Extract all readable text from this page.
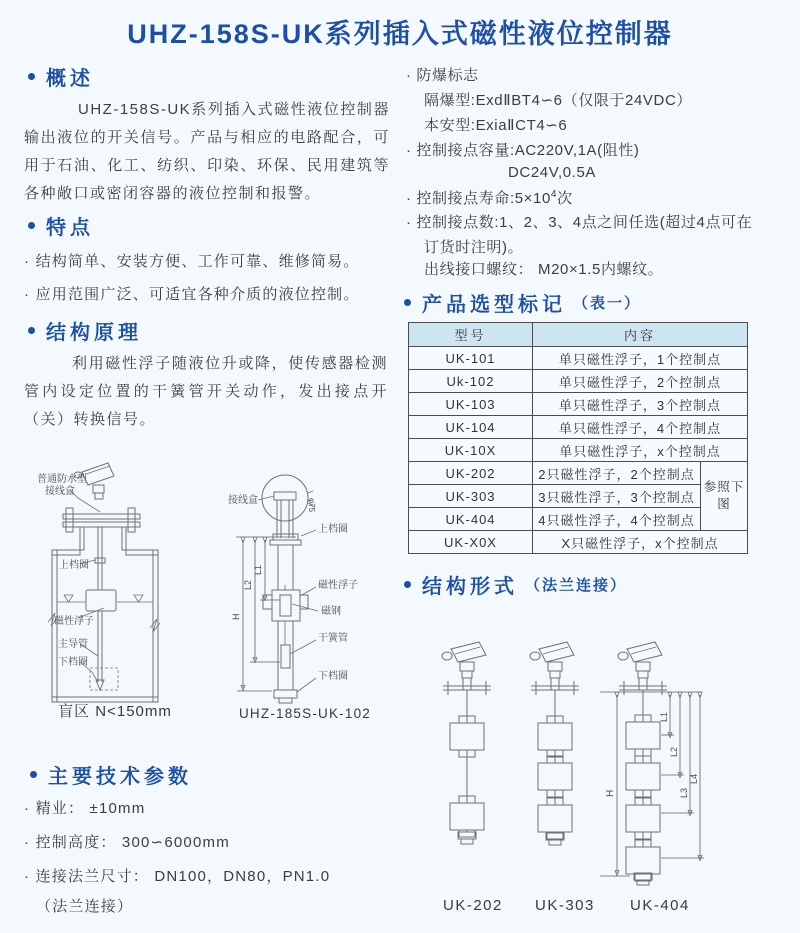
UHZ-158S-UK系列插入式磁性液位控制器
概述
UHZ-158S-UK系列插入式磁性液位控制器输出液位的开关信号。产品与相应的电路配合，可用于石油、化工、纺织、印染、环保、民用建筑等各种敞口或密闭容器的液位控制和报警。
特点
· 结构简单、安装方便、工作可靠、维修简易。
· 应用范围广泛、可适宜各种介质的液位控制。
结构原理
利用磁性浮子随液位升或降，使传感器检测管内设定位置的干簧管开关动作，发出接点开（关）转换信号。
普通防水型
接线盒
上档圈
磁性浮子
主导管
下档圈
盲区 N<150mm
接线盒	φ75
上档圈
磁性浮子
磁钢
干簧管
下档圈
H
L2
L1
UHZ-185S-UK-102
主要技术参数
· 精业： ±10mm
· 控制高度： 300∽6000mm
· 连接法兰尺寸： DN100，DN80，PN1.0
（法兰连接）
· 防爆标志
隔爆型:ExdⅡBT4∽6（仅限于24VDC）
本安型:ExiaⅡCT4∽6
· 控制接点容量:AC220V,1A(阻性)
DC24V,0.5A
· 控制接点寿命$:5\times 10^4$次
· 控制接点数:1、2、3、4点之间任选(超过4点可在
订货时注明)。
出线接口螺纹： M20×1.5内螺纹。
产品选型标记 （表一）
型号	内容	
UK-101	单只磁性浮子，1个控制点	
Uk-102	单只磁性浮子，2个控制点	
UK-103	单只磁性浮子，3个控制点	
UK-104	单只磁性浮子，4个控制点	
UK-10X	单只磁性浮子，x个控制点	
UK-202	2只磁性浮子，2个控制点	参照下图
UK-303	3只磁性浮子，3个控制点	
UK-404	4只磁性浮子，4个控制点	
UK-X0X	X只磁性浮子，x个控制点	
结构形式 （法兰连接）
H
L1
L2
L3
L4
UK-202 UK-303 UK-404
